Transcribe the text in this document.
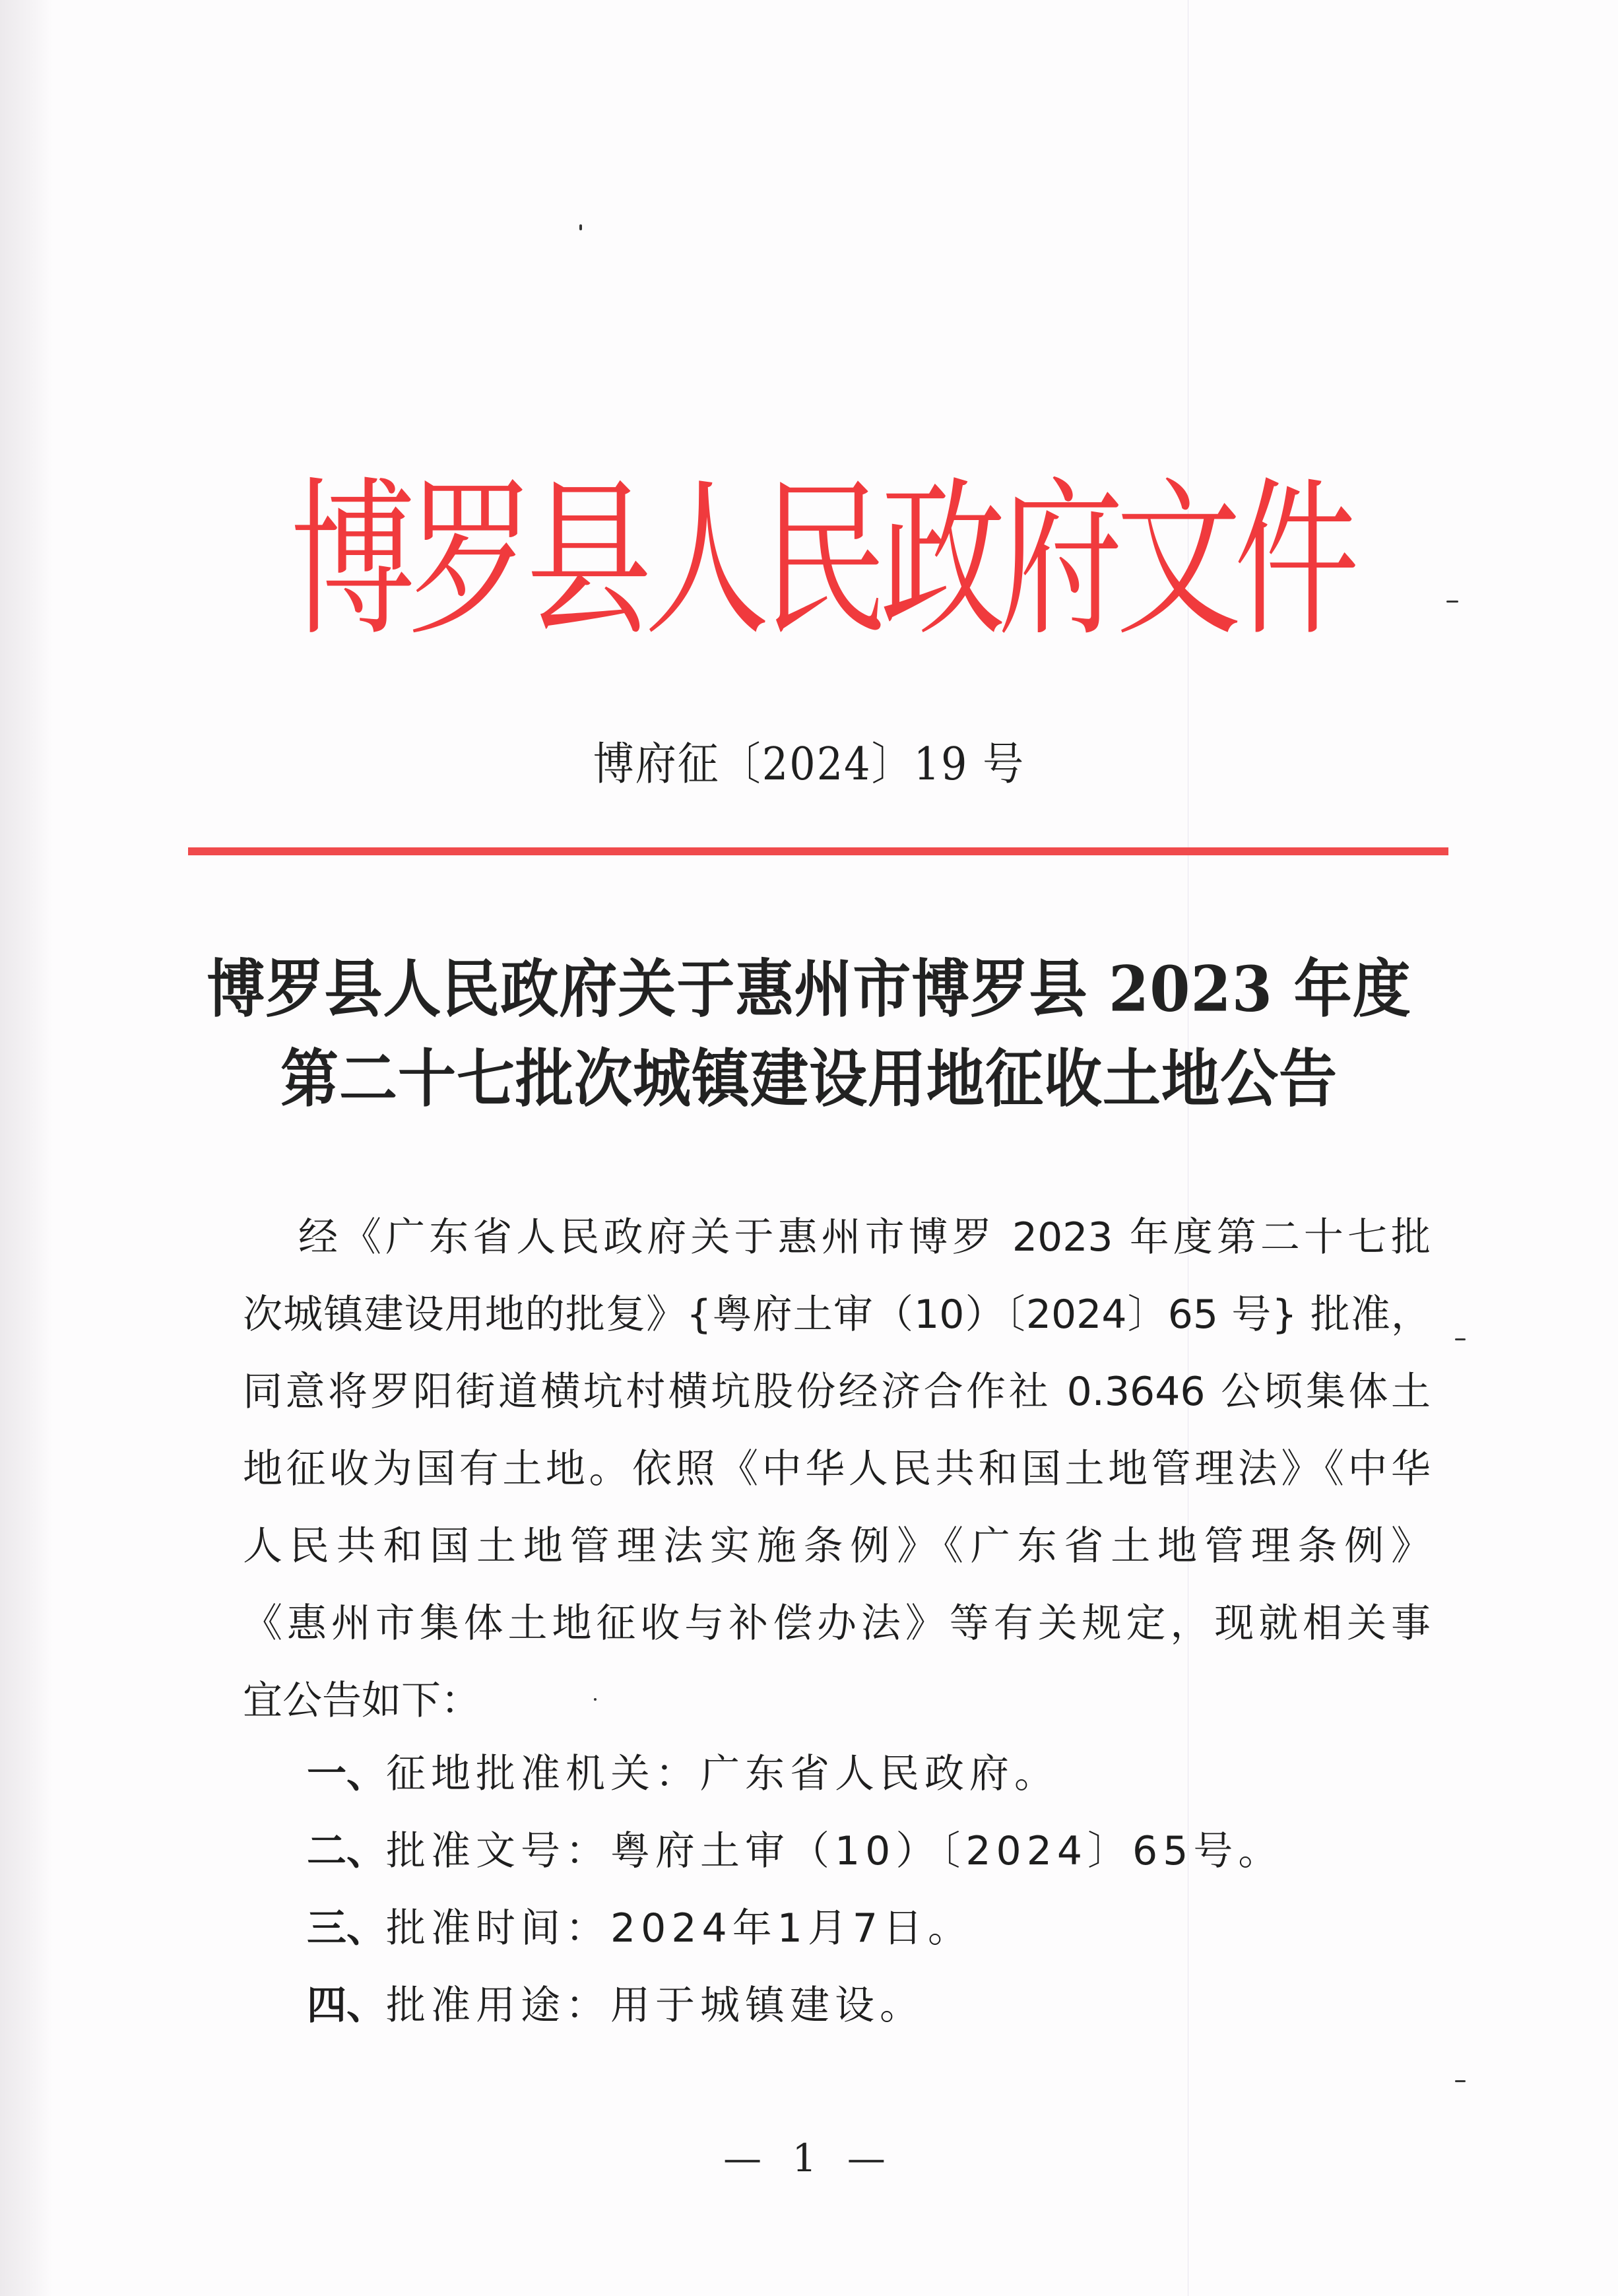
博
罗
县
人
民
政
府
文
件
博府征〔2024〕19 号
博罗县人民政府关于惠州市博罗县 2023 年度
第二十七批次城镇建设用地征收土地公告
经《广东省人民政府关于惠州市博罗 2023 年度第二十七批
次城镇建设用地的批复》{粤府土审（10）〔2024〕65 号} 批准，
同意将罗阳街道横坑村横坑股份经济合作社 0.3646 公顷集体土
地征收为国有土地。依照《中华人民共和国土地管理法》《中华
人民共和国土地管理法实施条例》《广东省土地管理条例》
《惠州市集体土地征收与补偿办法》等有关规定，现就相关事
宜公告如下：
一、征地批准机关：广东省人民政府。
二、批准文号：粤府土审（10）〔2024〕65号。
三、批准时间：2024年1月7日。
四、批准用途：用于城镇建设。
— 1 —
